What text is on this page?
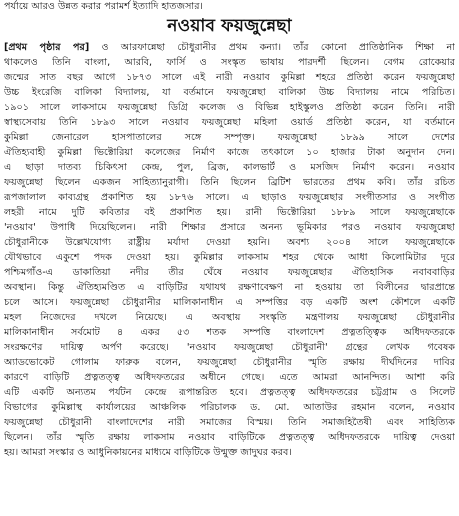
পর্যায়ে আরও উন্নত করার পরামর্শ ইত্যাদি হাতজসার।
নওয়াব ফয়জুন্নেছা
[প্রথম পৃষ্ঠার পর] ও আরফান্নেছা চৌধুরানীর প্রথম কন্যা। তাঁর কোনো প্রাতিষ্ঠানিক শিক্ষা না
থাকলেও তিনি বাংলা, আরবি, ফার্সি ও সংস্কৃত ভাষায় পারদর্শী ছিলেন। বেগম রোকেয়ার
জন্মের সাত বছর আগে ১৮৭৩ সালে এই নারী নওয়াব কুমিল্লা শহরে প্রতিষ্ঠা করেন ফয়জুন্নেছা
উচ্চ ইংরেজি বালিকা বিদ্যালয়, যা বর্তমানে ফয়জুন্নেছা বালিকা উচ্চ বিদ্যালয় নামে পরিচিত।
১৯০১ সালে লাকসামে ফয়জুন্নেছা ডিগ্রি কলেজ ও বিভিন্ন হাইস্কুলও প্রতিষ্ঠা করেন তিনি। নারী
স্বাস্থ্যসেবায় তিনি ১৮৯৩ সালে নওয়াব ফয়জুন্নেছা মহিলা ওয়ার্ড প্রতিষ্ঠা করেন, যা বর্তমানে
কুমিল্লা জেনারেল হাসপাতালের সঙ্গে সম্পৃক্ত। ফয়জুন্নেছা ১৮৯৯ সালে দেশের
ঐতিহ্যবাহী কুমিল্লা ভিক্টোরিয়া কলেজের নির্মাণ কাজে তৎকালে ১০ হাজার টাকা অনুদান দেন।
এ ছাড়া দাতব্য চিকিৎসা কেন্দ্র, পুল, ব্রিজ, কালভার্ট ও মসজিদ নির্মাণ করেন। নওয়াব
ফয়জুন্নেছা ছিলেন একজন সাহিত্যানুরাগী। তিনি ছিলেন ব্রিটিশ ভারতের প্রথম কবি। তাঁর রচিত
রূপজালাল কাব্যগ্রন্থ প্রকাশিত হয় ১৮৭৬ সালে। এ ছাড়াও ফয়জুন্নেছার সংগীতসার ও সংগীত
লহরী নামে দুটি কবিতার বই প্রকাশিত হয়। রানী ভিক্টোরিয়া ১৮৮৯ সালে ফয়জুন্নেছাকে
'নওয়াব' উপাধি দিয়েছিলেন। নারী শিক্ষার প্রসারে অনন্য ভূমিকার পরও নওয়াব ফয়জুন্নেছা
চৌধুরানীকে উল্লেখযোগ্য রাষ্ট্রীয় মর্যাদা দেওয়া হয়নি। অবশ্য ২০০৪ সালে ফয়জুন্নেছাকে
যৌথভাবে একুশে পদক দেওয়া হয়। কুমিল্লার লাকসাম শহর থেকে আধা কিলোমিটার দূরে
পশ্চিমগাঁও-এ ডাকাতিয়া নদীর তীর ঘেঁষে নওয়াব ফয়জুন্নেছার ঐতিহাসিক নবাববাড়ির
অবস্থান। কিন্তু ঐতিহ্যমণ্ডিত এ বাড়িটির যথাযথ রক্ষণাবেক্ষণ না হওয়ায় তা বিলীনের দ্বারপ্রান্তে
চলে আসে। ফয়জুন্নেছা চৌধুরানীর মালিকানাধীন এ সম্পত্তির বড় একটি অংশ কৌশলে একটি
মহল নিজেদের দখলে নিয়েছে। এ অবস্থায় সংস্কৃতি মন্ত্রণালয় ফয়জুন্নেছা চৌধুরানীর
মালিকানাধীন সর্বমোট ৪ একর ৫৩ শতক সম্পত্তি বাংলাদেশ প্রত্নতত্ত্বিক অধিদফতরকে
সংরক্ষণের দায়িত্ব অর্পণ করেছে। 'নওয়াব ফয়জুন্নেছা চৌধুরানী' গ্রন্থের লেখক গবেষক
অ্যাডভোকেট গোলাম ফারুক বলেন, ফয়জুন্নেছা চৌধুরানীর স্মৃতি রক্ষায় দীর্ঘদিনের দাবির
কারণে বাড়িটি প্রত্নতত্ত্ব অধিদফতরের অধীনে গেছে। এতে আমরা আনন্দিত। আশা করি
এটি একটি অন্যতম পর্যটন কেন্দ্রে রূপান্তরিত হবে। প্রত্নতত্ত্ব অধিদফতরের চট্টগ্রাম ও সিলেট
বিভাগের কুমিল্লাস্থ কার্যালয়ের আঞ্চলিক পরিচালক ড. মো. আতাউর রহমান বলেন, নওয়াব
ফয়জুন্নেছা চৌধুরানী বাংলাদেশের নারী সমাজের বিস্ময়। তিনি সমাজহিতৈষী এবং সাহিত্যিক
ছিলেন। তাঁর স্মৃতি রক্ষায় লাকসাম নওয়াব বাড়িটিকে প্রত্নতত্ত্ব অধিদফতরকে দায়িত্ব দেওয়া
হয়। আমরা সংস্কার ও আধুনিকায়নের মাধ্যমে বাড়িটিকে উন্মুক্ত জাদুঘর করব।
